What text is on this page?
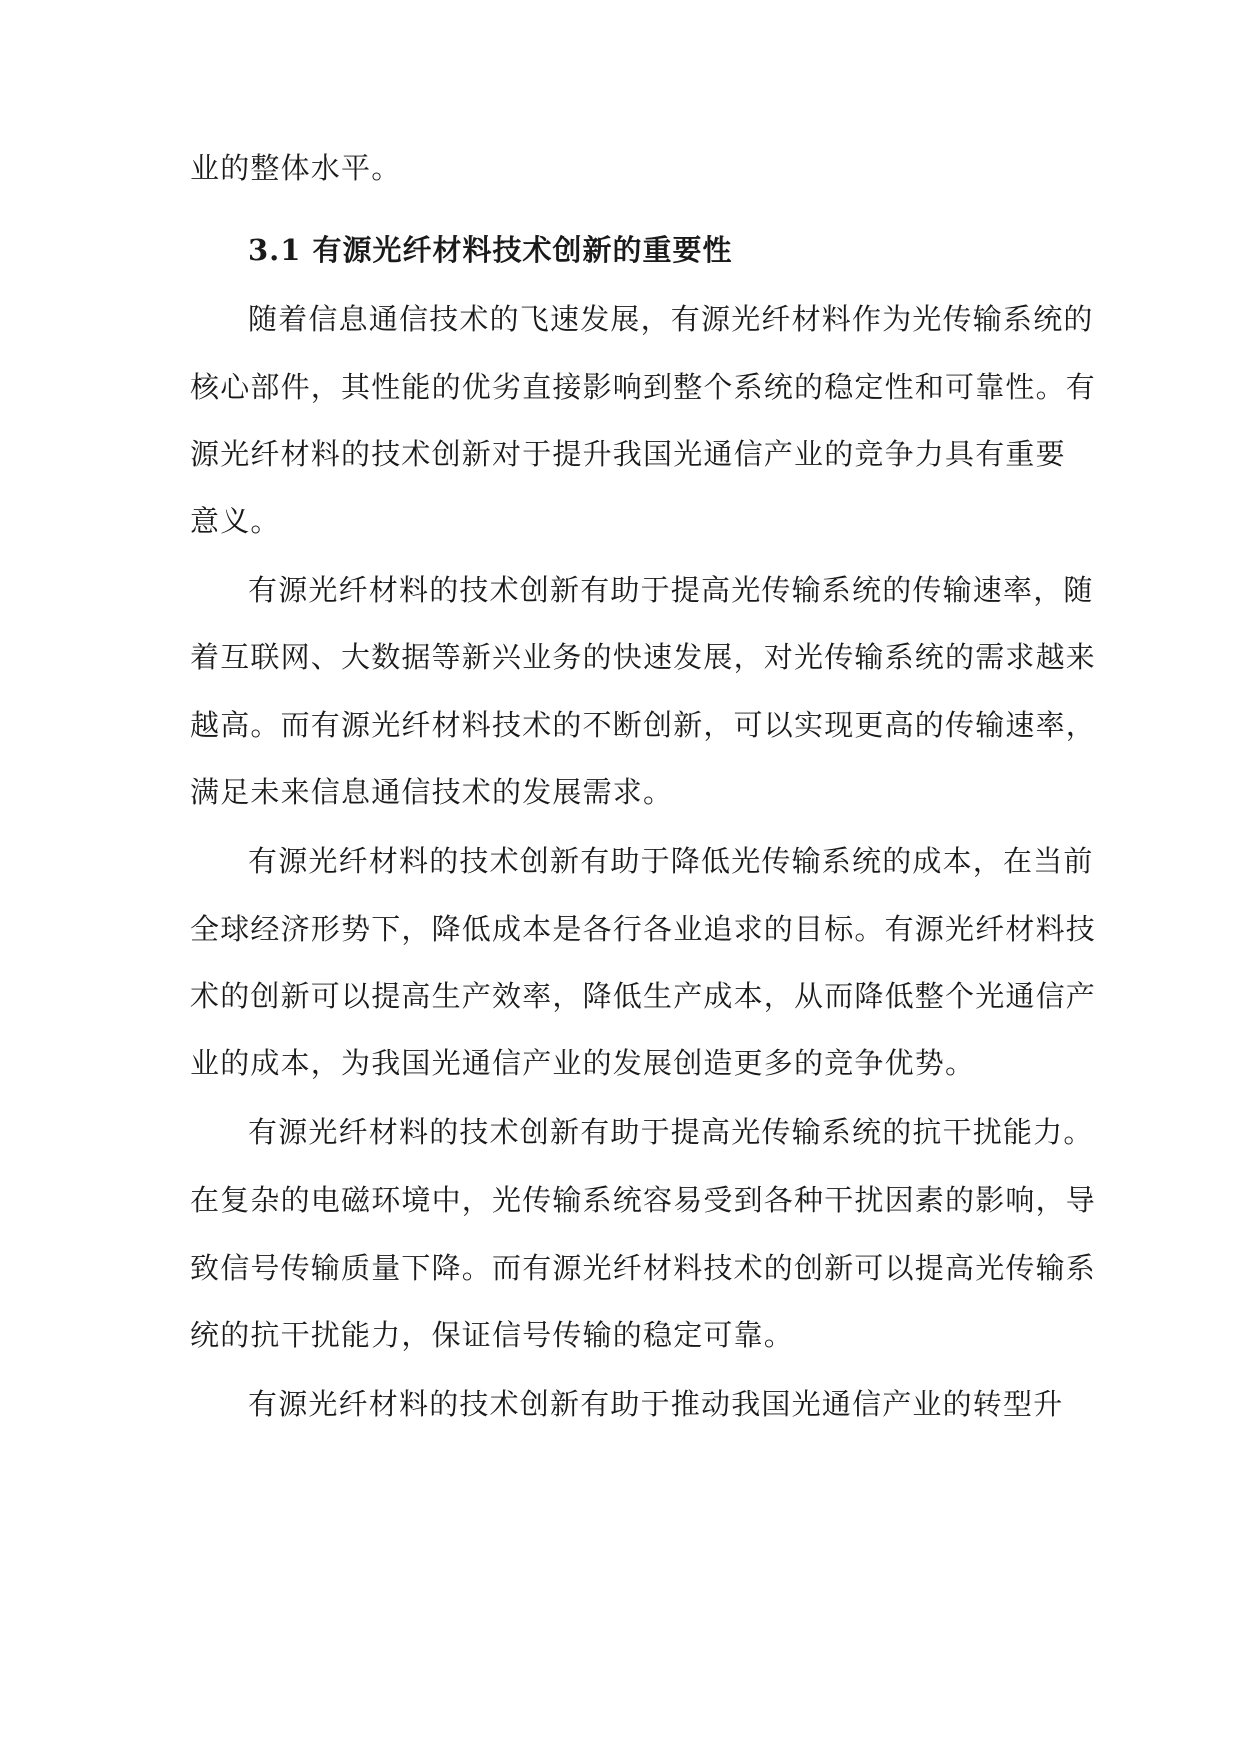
业的整体水平。
3.1 有源光纤材料技术创新的重要性
随着信息通信技术的飞速发展，有源光纤材料作为光传输系统的
核心部件，其性能的优劣直接影响到整个系统的稳定性和可靠性。有
源光纤材料的技术创新对于提升我国光通信产业的竞争力具有重要
意义。
有源光纤材料的技术创新有助于提高光传输系统的传输速率，随
着互联网、大数据等新兴业务的快速发展，对光传输系统的需求越来
越高。而有源光纤材料技术的不断创新，可以实现更高的传输速率，
满足未来信息通信技术的发展需求。
有源光纤材料的技术创新有助于降低光传输系统的成本，在当前
全球经济形势下，降低成本是各行各业追求的目标。有源光纤材料技
术的创新可以提高生产效率，降低生产成本，从而降低整个光通信产
业的成本，为我国光通信产业的发展创造更多的竞争优势。
有源光纤材料的技术创新有助于提高光传输系统的抗干扰能力。
在复杂的电磁环境中，光传输系统容易受到各种干扰因素的影响，导
致信号传输质量下降。而有源光纤材料技术的创新可以提高光传输系
统的抗干扰能力，保证信号传输的稳定可靠。
有源光纤材料的技术创新有助于推动我国光通信产业的转型升
